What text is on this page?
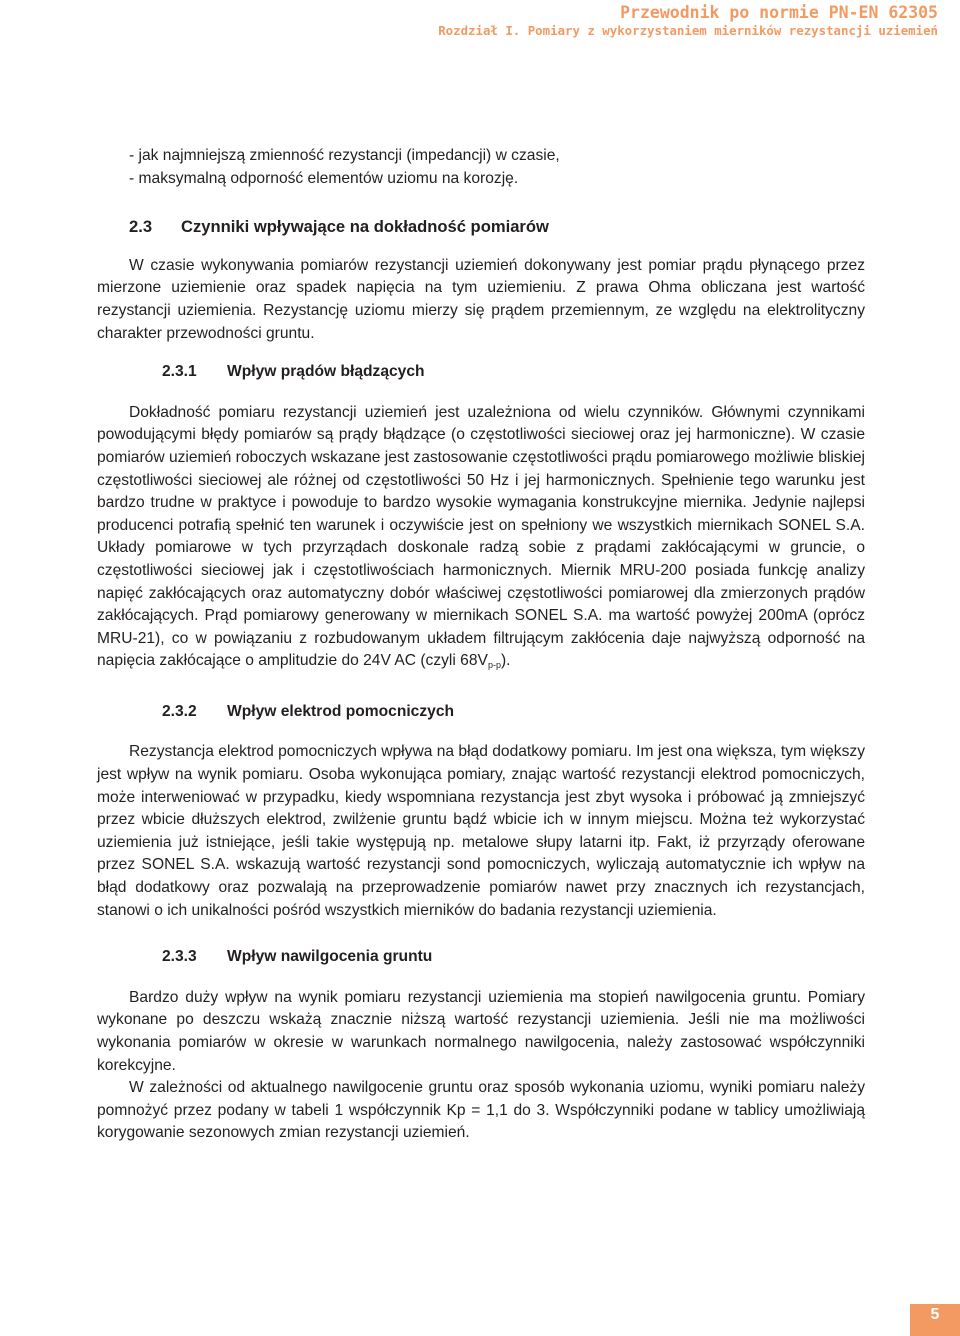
Przewodnik po normie PN-EN 62305
Rozdział I. Pomiary z wykorzystaniem mierników rezystancji uziemień
- jak najmniejszą zmienność rezystancji (impedancji) w czasie,
- maksymalną odporność elementów uziomu na korozję.
2.3	Czynniki wpływające na dokładność pomiarów

W czasie wykonywania pomiarów rezystancji uziemień dokonywany jest pomiar prądu płynącego przez mierzone uziemienie oraz spadek napięcia na tym uziemieniu. Z prawa Ohma obliczana jest wartość rezystancji uziemienia. Rezystancję uziomu mierzy się prądem przemiennym, ze względu na elektrolityczny charakter przewodności gruntu.

2.3.1	Wpływ prądów błądzących

Dokładność pomiaru rezystancji uziemień jest uzależniona od wielu czynników. Głównymi czynnikami powodującymi błędy pomiarów są prądy błądzące (o częstotliwości sieciowej oraz jej harmoniczne). W czasie pomiarów uziemień roboczych wskazane jest zastosowanie częstotliwości prądu pomiarowego możliwie bliskiej częstotliwości sieciowej ale różnej od częstotliwości 50 Hz i jej harmonicznych. Spełnienie tego warunku jest bardzo trudne w praktyce i powoduje to bardzo wysokie wymagania konstrukcyjne miernika. Jedynie najlepsi producenci potrafią spełnić ten warunek i oczywiście jest on spełniony we wszystkich miernikach SONEL S.A. Układy pomiarowe w tych przyrządach doskonale radzą sobie z prądami zakłócającymi w gruncie, o częstotliwości sieciowej jak i częstotliwościach harmonicznych. Miernik MRU-200 posiada funkcję analizy napięć zakłócających oraz automatyczny dobór właściwej częstotliwości pomiarowej dla zmierzonych prądów zakłócających. Prąd pomiarowy generowany w miernikach SONEL S.A. ma wartość powyżej 200mA (oprócz MRU-21), co w powiązaniu z rozbudowanym układem filtrującym zakłócenia daje najwyższą odporność na napięcia zakłócające o amplitudzie do 24V AC (czyli $68V_{p-p}$).

2.3.2	Wpływ elektrod pomocniczych

Rezystancja elektrod pomocniczych wpływa na błąd dodatkowy pomiaru. Im jest ona większa, tym większy jest wpływ na wynik pomiaru. Osoba wykonująca pomiary, znając wartość rezystancji elektrod pomocniczych, może interweniować w przypadku, kiedy wspomniana rezystancja jest zbyt wysoka i próbować ją zmniejszyć przez wbicie dłuższych elektrod, zwilżenie gruntu bądź wbicie ich w innym miejscu. Można też wykorzystać uziemienia już istniejące, jeśli takie występują np. metalowe słupy latarni itp. Fakt, iż przyrządy oferowane przez SONEL S.A. wskazują wartość rezystancji sond pomocniczych, wyliczają automatycznie ich wpływ na błąd dodatkowy oraz pozwalają na przeprowadzenie pomiarów nawet przy znacznych ich rezystancjach, stanowi o ich unikalności pośród wszystkich mierników do badania rezystancji uziemienia.

2.3.3	Wpływ nawilgocenia gruntu

Bardzo duży wpływ na wynik pomiaru rezystancji uziemienia ma stopień nawilgocenia gruntu. Pomiary wykonane po deszczu wskażą znacznie niższą wartość rezystancji uziemienia. Jeśli nie ma możliwości wykonania pomiarów w okresie w warunkach normalnego nawilgocenia, należy zastosować współczynniki korekcyjne.

W zależności od aktualnego nawilgocenie gruntu oraz sposób wykonania uziomu, wyniki pomiaru należy pomnożyć przez podany w tabeli 1 współczynnik Kp = 1,1 do 3. Współczynniki podane w tablicy umożliwiają korygowanie sezonowych zmian rezystancji uziemień.

5
